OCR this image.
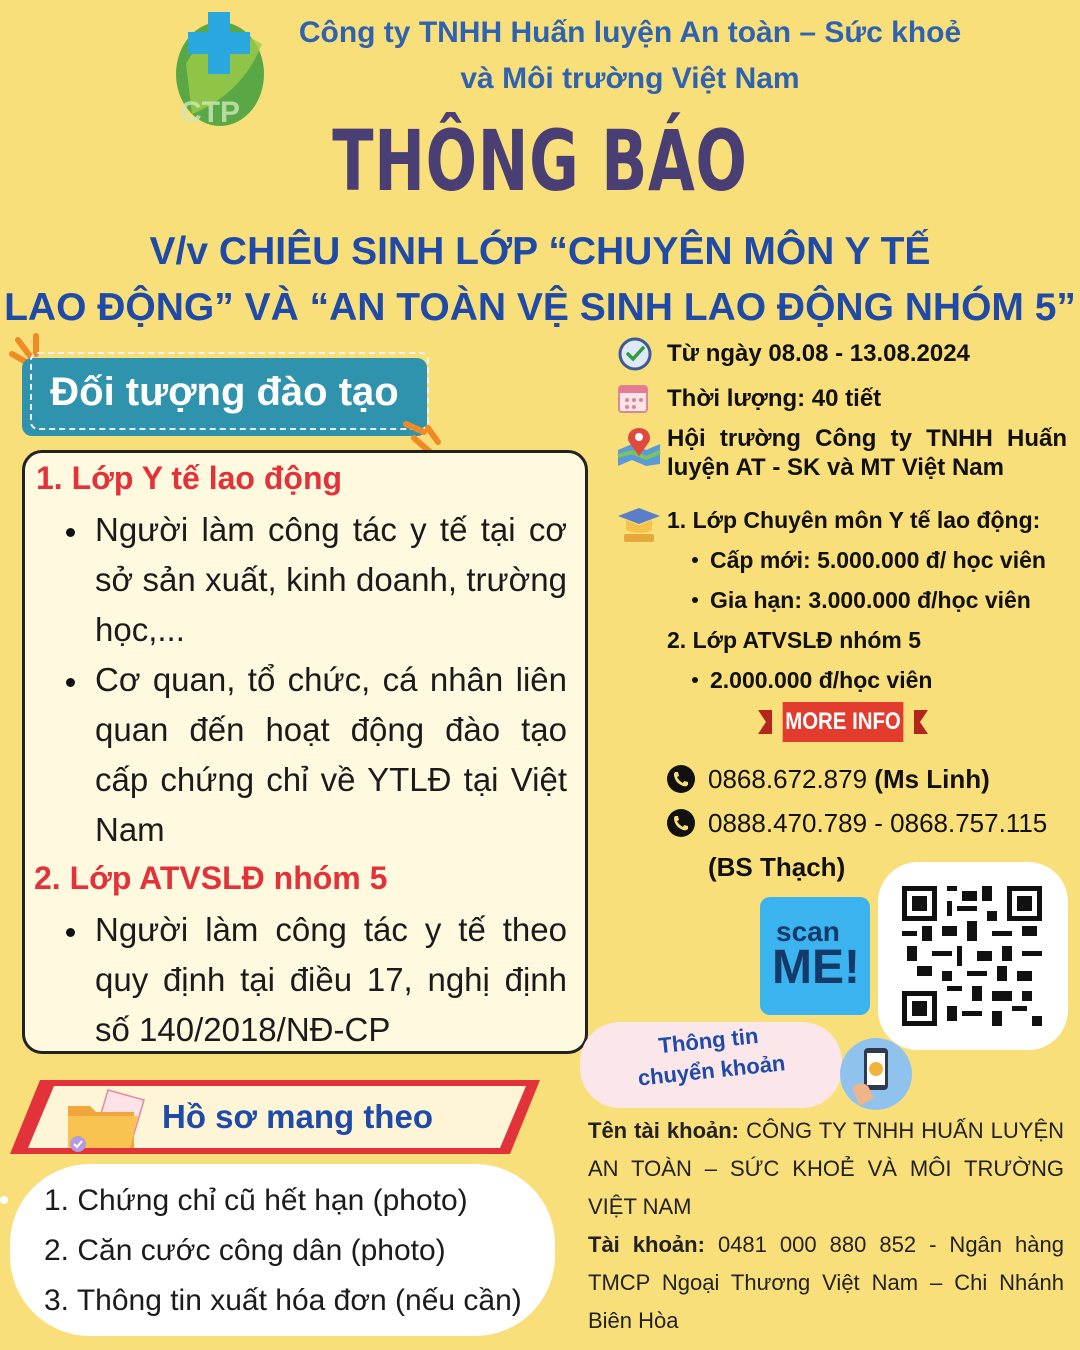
CTP
Công ty TNHH Huấn luyện An toàn – Sức khoẻ
và Môi trường Việt Nam
THÔNG BÁO
V/v CHIÊU SINH LỚP “CHUYÊN MÔN Y TẾ
LAO ĐỘNG” VÀ “AN TOÀN VỆ SINH LAO ĐỘNG NHÓM 5”
Đối tượng đào tạo
1. Lớp Y tế lao động
Người làm công tác y tế tại cơ sở sản xuất, kinh doanh, trường học,...
Cơ quan, tổ chức, cá nhân liên quan đến hoạt động đào tạo cấp chứng chỉ về YTLĐ tại Việt Nam
2. Lớp ATVSLĐ nhóm 5
Người làm công tác y tế theo quy định tại điều 17, nghị định số 140/2018/NĐ-CP
Từ ngày 08.08 - 13.08.2024
Thời lượng: 40 tiết
Hội trường Công ty TNHH Huấn luyện AT - SK và MT Việt Nam
1. Lớp Chuyên môn Y tế lao động:
Cấp mới: 5.000.000 đ/ học viên
Gia hạn: 3.000.000 đ/học viên
2. Lớp ATVSLĐ nhóm 5
2.000.000 đ/học viên
MORE INFO
0868.672.879 (Ms Linh)
0888.470.789 - 0868.757.115
(BS Thạch)
scan
ME!
Thông tin
chuyển khoản
Tên tài khoản: CÔNG TY TNHH HUẤN LUYỆN AN TOÀN – SỨC KHOẺ VÀ MÔI TRƯỜNG VIỆT NAM
Tài khoản: 0481 000 880 852 - Ngân hàng TMCP Ngoại Thương Việt Nam – Chi Nhánh Biên Hòa
Hồ sơ mang theo
1. Chứng chỉ cũ hết hạn (photo)
2. Căn cước công dân (photo)
3. Thông tin xuất hóa đơn (nếu cần)
